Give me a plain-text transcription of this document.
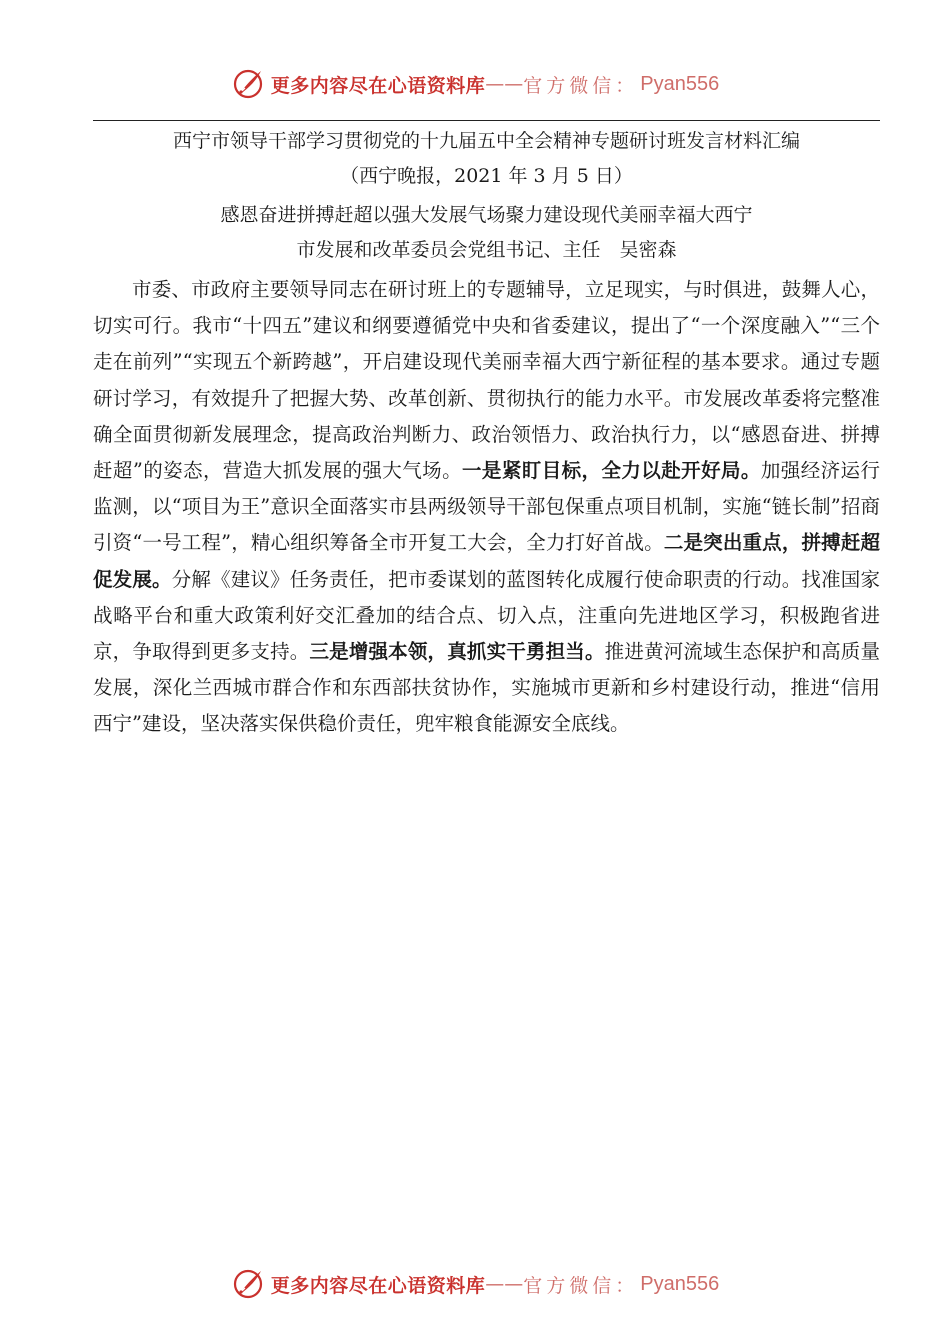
更多内容尽在心语资料库 —— 官方微信： Pyan556
西宁市领导干部学习贯彻党的十九届五中全会精神专题研讨班发言材料汇编
（西宁晚报，2021 年 3 月 5 日）
感恩奋进拼搏赶超以强大发展气场聚力建设现代美丽幸福大西宁
市发展和改革委员会党组书记、主任　吴密森

市委、市政府主要领导同志在研讨班上的专题辅导，立足现实，与时俱进，鼓舞人心，切实可行。我市“十四五”建议和纲要遵循党中央和省委建议，提出了“一个深度融入”“三个走在前列”“实现五个新跨越”，开启建设现代美丽幸福大西宁新征程的基本要求。通过专题研讨学习，有效提升了把握大势、改革创新、贯彻执行的能力水平。市发展改革委将完整准确全面贯彻新发展理念，提高政治判断力、政治领悟力、政治执行力，以“感恩奋进、拼搏赶超”的姿态，营造大抓发展的强大气场。一是紧盯目标，全力以赴开好局。加强经济运行监测，以“项目为王”意识全面落实市县两级领导干部包保重点项目机制，实施“链长制”招商引资“一号工程”，精心组织筹备全市开复工大会，全力打好首战。二是突出重点，拼搏赶超促发展。分解《建议》任务责任，把市委谋划的蓝图转化成履行使命职责的行动。找准国家战略平台和重大政策利好交汇叠加的结合点、切入点，注重向先进地区学习，积极跑省进京，争取得到更多支持。三是增强本领，真抓实干勇担当。推进黄河流域生态保护和高质量发展，深化兰西城市群合作和东西部扶贫协作，实施城市更新和乡村建设行动，推进“信用西宁”建设，坚决落实保供稳价责任，兜牢粮食能源安全底线。

更多内容尽在心语资料库 —— 官方微信： Pyan556
